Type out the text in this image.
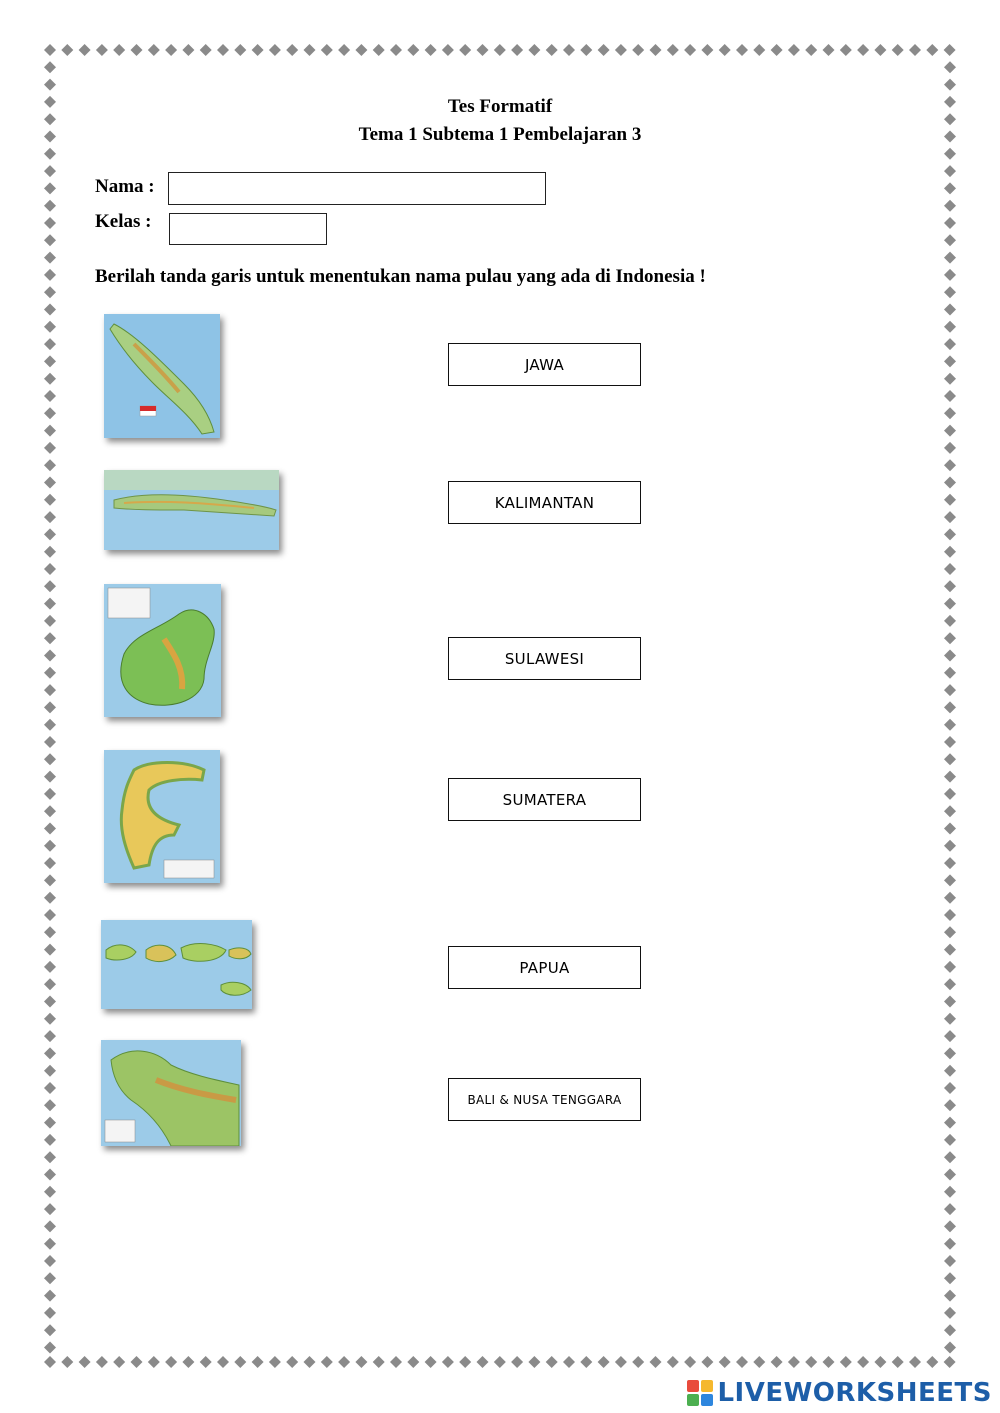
Tes Formatif
Tema 1 Subtema 1 Pembelajaran 3
Nama :
Kelas :
Berilah tanda garis untuk menentukan nama pulau yang ada di Indonesia !
JAWA
KALIMANTAN
SULAWESI
SUMATERA
PAPUA
BALI & NUSA TENGGARA
LIVEWORKSHEETS
